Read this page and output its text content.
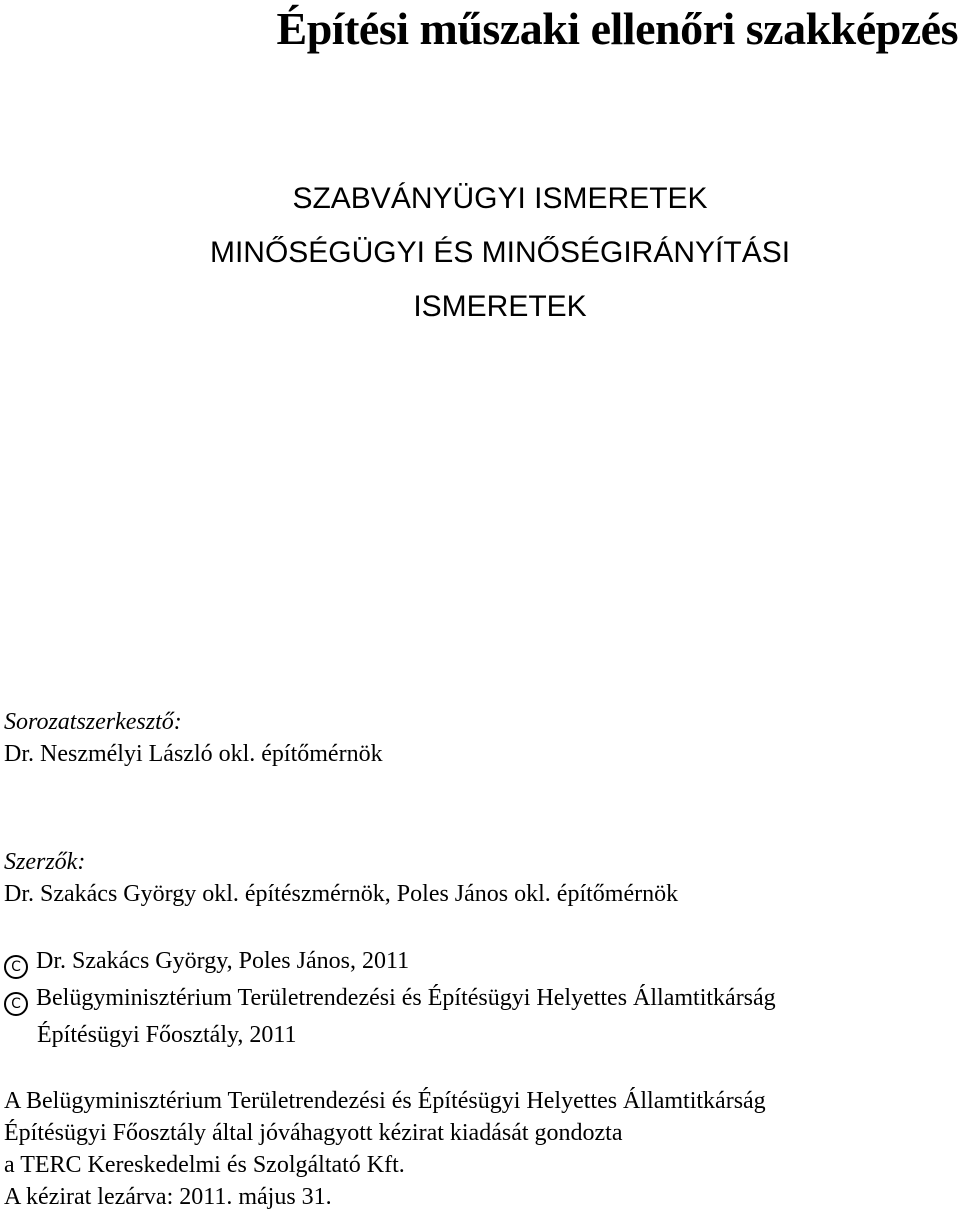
Építési műszaki ellenőri szakképzés
SZABVÁNYÜGYI ISMERETEK
MINŐSÉGÜGYI ÉS MINŐSÉGIRÁNYÍTÁSI
ISMERETEK
Sorozatszerkesztő:
Dr. Neszmélyi László okl. építőmérnök
Szerzők:
Dr. Szakács György okl. építészmérnök, Poles János okl. építőmérnök
C Dr. Szakács György, Poles János, 2011
C Belügyminisztérium Területrendezési és Építésügyi Helyettes Államtitkárság
Építésügyi Főosztály, 2011
A Belügyminisztérium Területrendezési és Építésügyi Helyettes Államtitkárság
Építésügyi Főosztály által jóváhagyott kézirat kiadását gondozta
a TERC Kereskedelmi és Szolgáltató Kft.
A kézirat lezárva: 2011. május 31.
